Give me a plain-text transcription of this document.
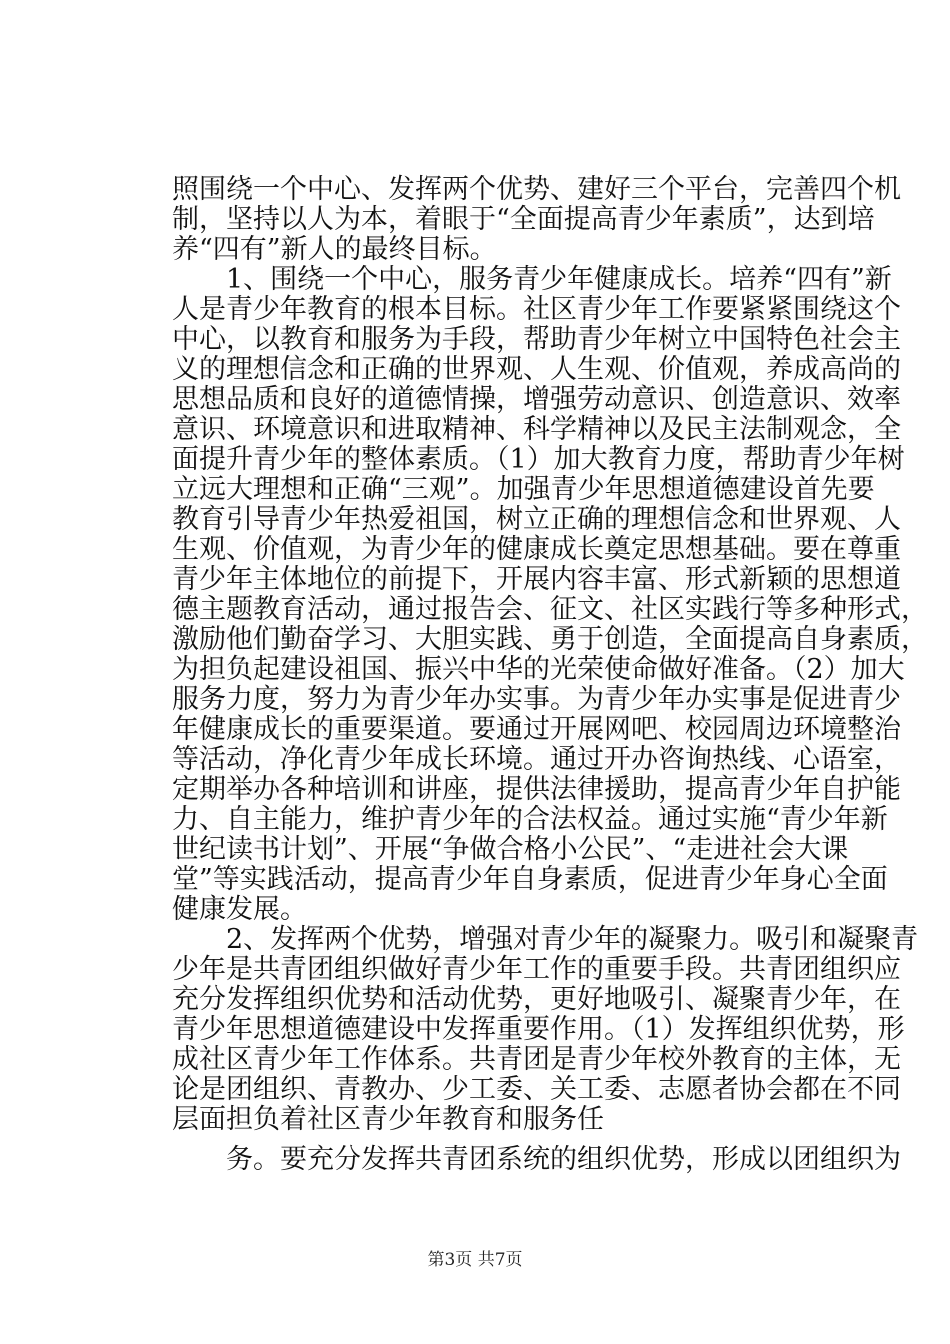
照围绕一个中心、发挥两个优势、建好三个平台，完善四个机

制，坚持以人为本，着眼于“全面提高青少年素质”，达到培

养“四有”新人的最终目标。

　　1、围绕一个中心，服务青少年健康成长。培养“四有”新

人是青少年教育的根本目标。社区青少年工作要紧紧围绕这个

中心，以教育和服务为手段，帮助青少年树立中国特色社会主

义的理想信念和正确的世界观、人生观、价值观，养成高尚的

思想品质和良好的道德情操，增强劳动意识、创造意识、效率

意识、环境意识和进取精神、科学精神以及民主法制观念，全

面提升青少年的整体素质。（1）加大教育力度，帮助青少年树

立远大理想和正确“三观”。加强青少年思想道德建设首先要

教育引导青少年热爱祖国，树立正确的理想信念和世界观、人

生观、价值观，为青少年的健康成长奠定思想基础。要在尊重

青少年主体地位的前提下，开展内容丰富、形式新颖的思想道

德主题教育活动，通过报告会、征文、社区实践行等多种形式，

激励他们勤奋学习、大胆实践、勇于创造，全面提高自身素质，

为担负起建设祖国、振兴中华的光荣使命做好准备。（2）加大

服务力度，努力为青少年办实事。为青少年办实事是促进青少

年健康成长的重要渠道。要通过开展网吧、校园周边环境整治

等活动，净化青少年成长环境。通过开办咨询热线、心语室，

定期举办各种培训和讲座，提供法律援助，提高青少年自护能

力、自主能力，维护青少年的合法权益。通过实施“青少年新

世纪读书计划”、开展“争做合格小公民”、“走进社会大课

堂”等实践活动，提高青少年自身素质，促进青少年身心全面

健康发展。

　　2、发挥两个优势，增强对青少年的凝聚力。吸引和凝聚青

少年是共青团组织做好青少年工作的重要手段。共青团组织应

充分发挥组织优势和活动优势，更好地吸引、凝聚青少年，在

青少年思想道德建设中发挥重要作用。（1）发挥组织优势，形

成社区青少年工作体系。共青团是青少年校外教育的主体，无

论是团组织、青教办、少工委、关工委、志愿者协会都在不同

层面担负着社区青少年教育和服务任

　　务。要充分发挥共青团系统的组织优势，形成以团组织为

第3页 共7页
